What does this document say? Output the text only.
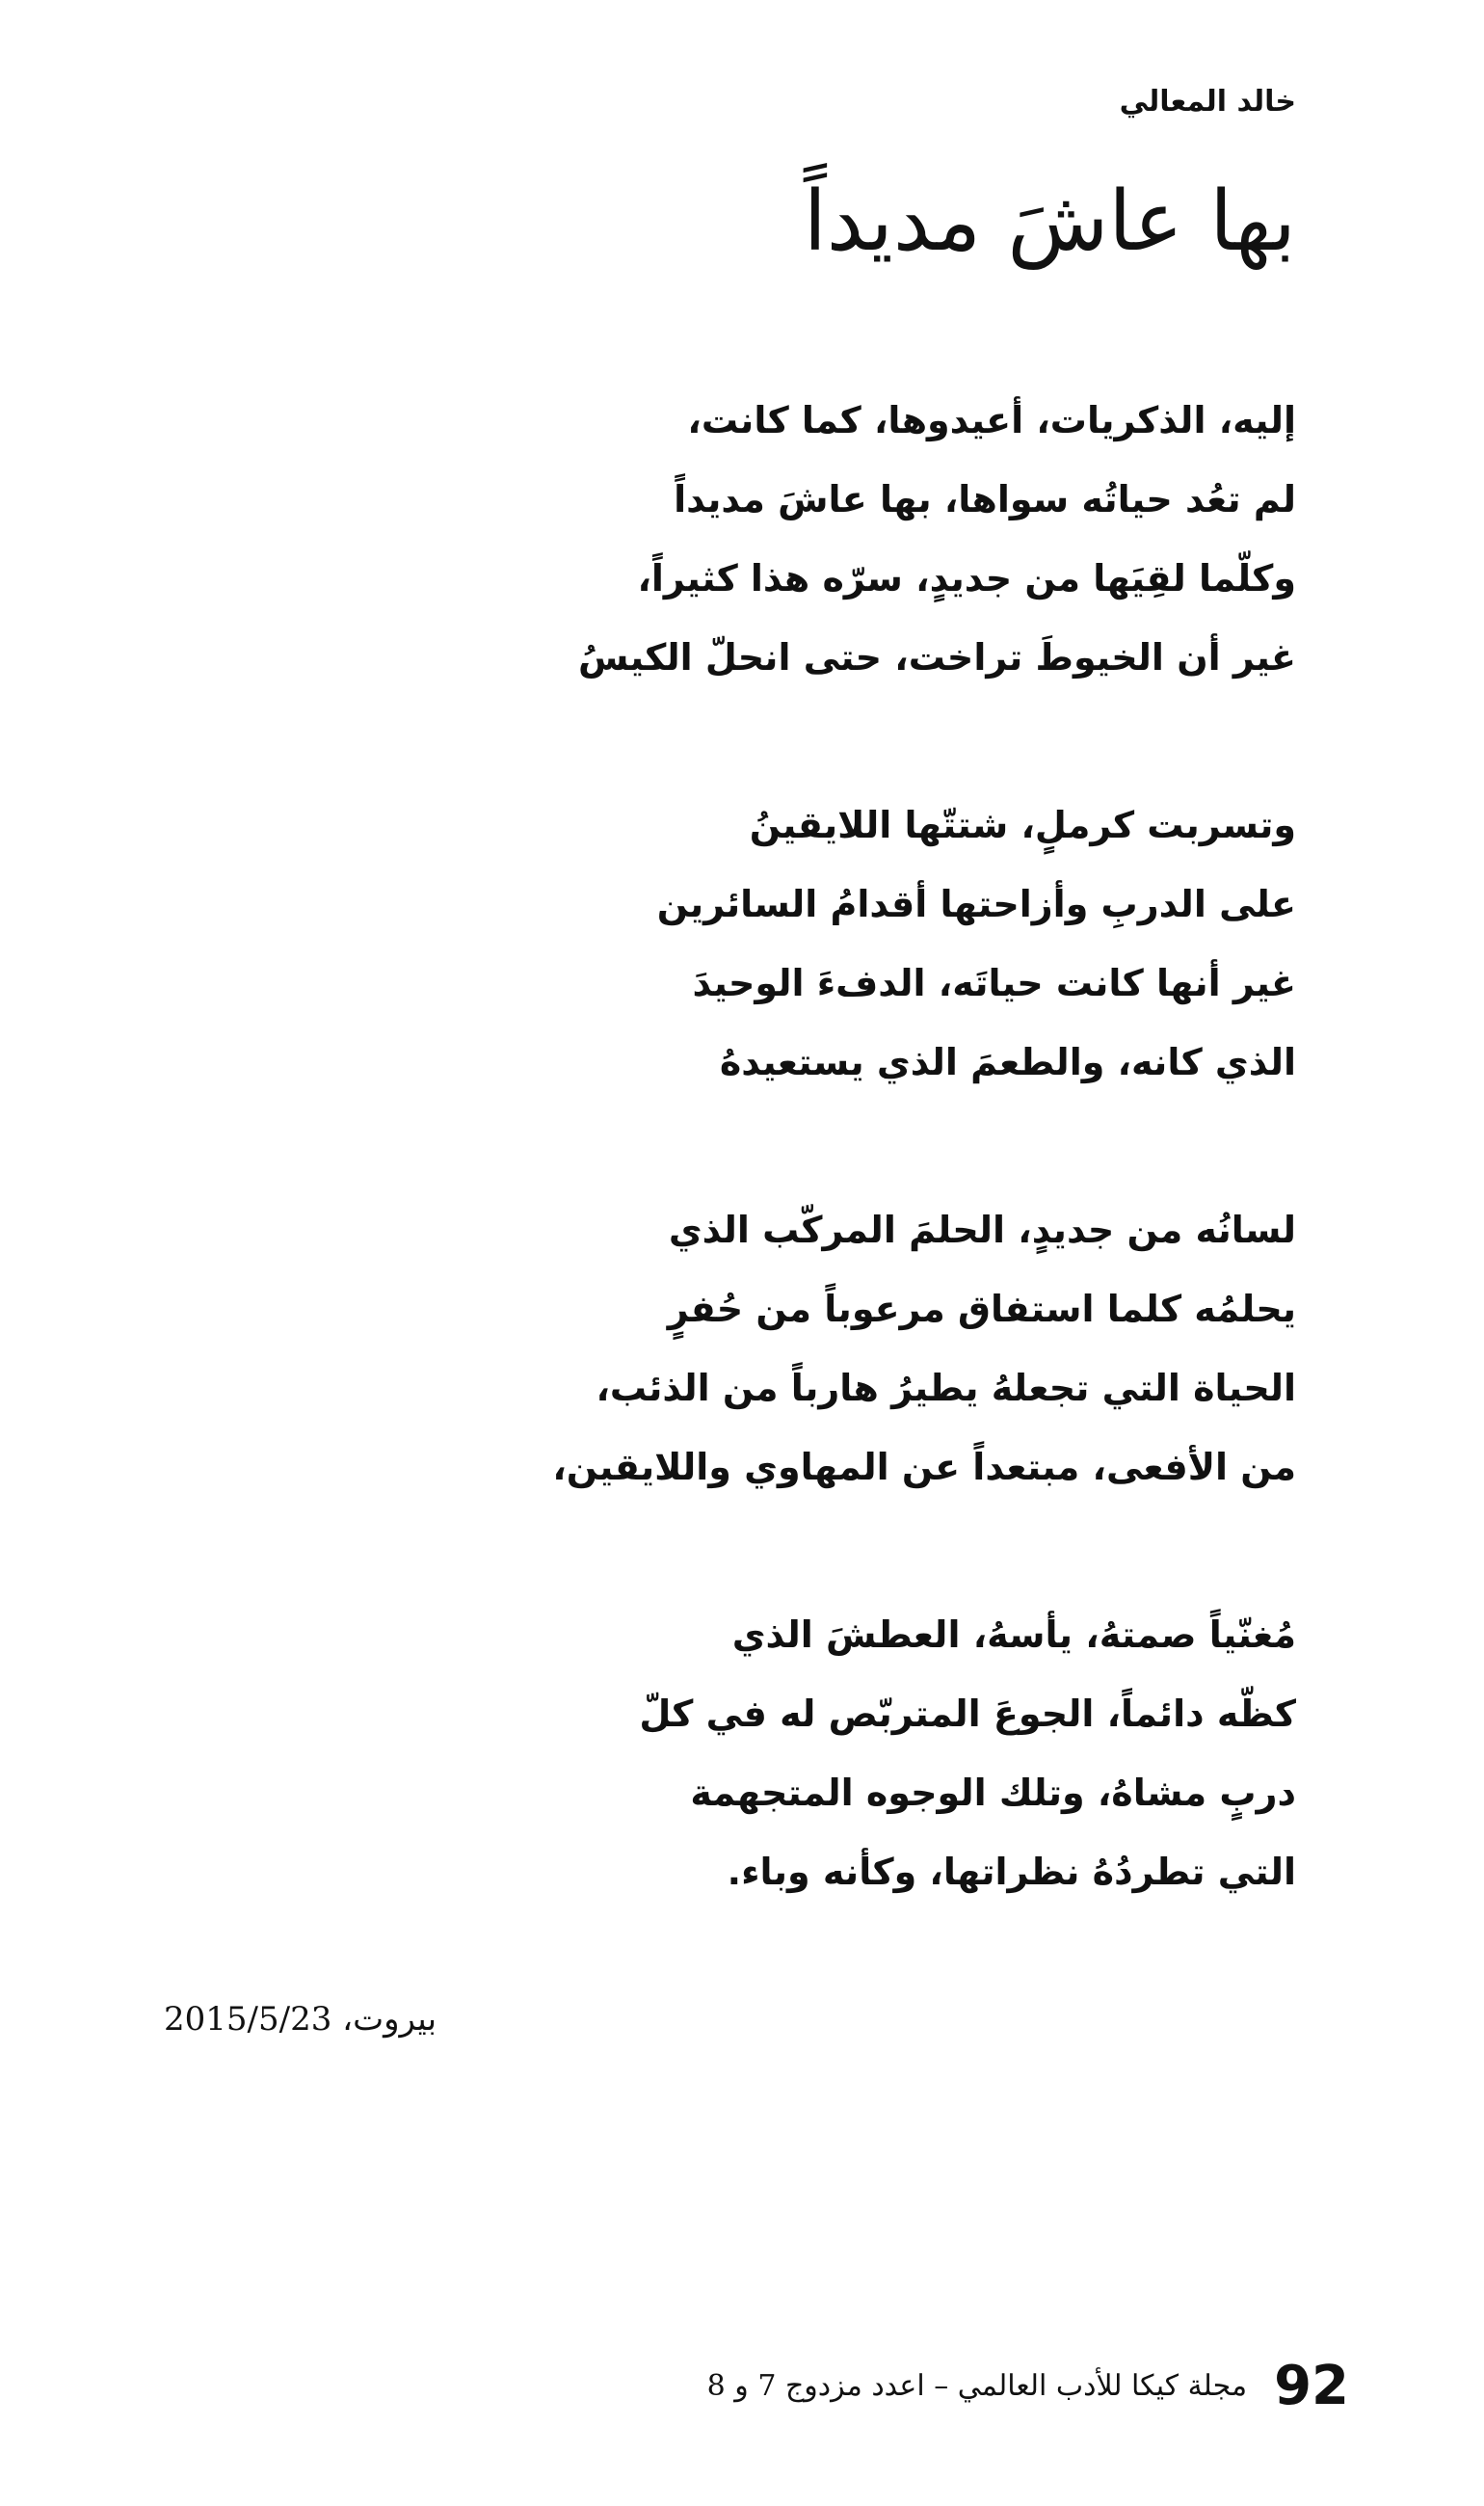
خالد المعالي
بها عاشَ مديداً
إليه، الذكريات، أعيدوها، كما كانت،
لم تعُد حياتُه سواها، بها عاشَ مديداً
وكلّما لقِيَها من جديدٍ، سرّه هذا كثيراً،
غير أن الخيوطَ تراخت، حتى انحلّ الكيسُ
وتسربت كرملٍ، شتتّها اللايقينُ
على الدربِ وأزاحتها أقدامُ السائرين
غير أنها كانت حياتَه، الدفءَ الوحيدَ
الذي كانه، والطعمَ الذي يستعيدهُ
لسانُه من جديدٍ، الحلمَ المركّب الذي
يحلمُه كلما استفاق مرعوباً من حُفرٍ
الحياة التي تجعلهُ يطيرُ هارباً من الذئب،
من الأفعى، مبتعداً عن المهاوي واللايقين،
مُغنّياً صمتهُ، يأسهُ، العطشَ الذي
كظّه دائماً، الجوعَ المتربّص له في كلّ
دربٍ مشاهُ، وتلك الوجوه المتجهمة
التي تطردُهُ نظراتها، وكأنه وباء.
بيروت، 2015/5/23
92
مجلة كيكا للأدب العالمي – اعدد مزدوج 7 و 8
